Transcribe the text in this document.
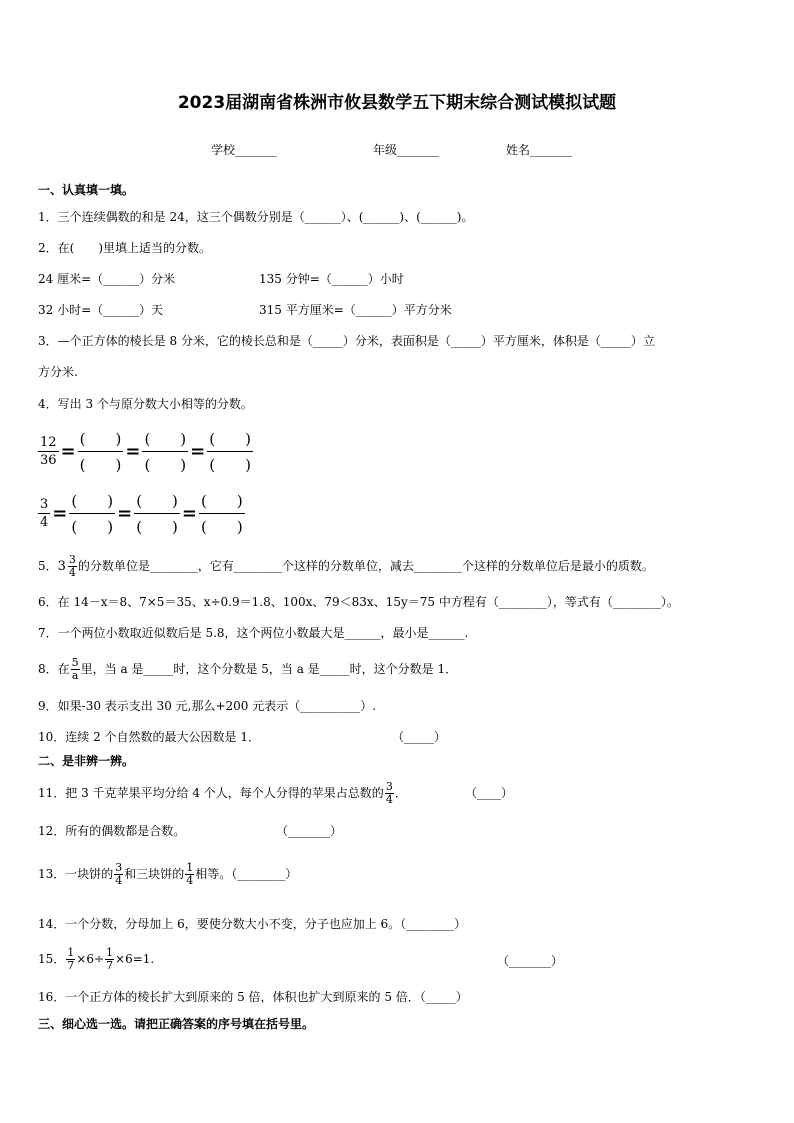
2023届湖南省株洲市攸县数学五下期末综合测试模拟试题
学校_______	年级_______	姓名_______
一、认真填一填。
1．三个连续偶数的和是 24，这三个偶数分别是（______）、(______)、(______)。
2．在(　　)里填上适当的分数。
24 厘米=（______）分米	135 分钟=（______）小时
32 小时=（______）天	315 平方厘米=（______）平方分米
3．—个正方体的棱长是 8 分米，它的棱长总和是（_____）分米，表面积是（_____）平方厘米，体积是（_____）立
方分米.
4．写出 3 个与原分数大小相等的分数。
$\frac{12}{36} = \frac{( )}{( )} = \frac{( )}{( )} = \frac{( )}{( )}$
$\frac{3}{4} = \frac{( )}{( )} = \frac{( )}{( )} = \frac{( )}{( )}$
5． $3 \frac{3}{4}$ 的分数单位是________，它有________个这样的分数单位，减去________个这样的分数单位后是最小的质数。
6．在 14－x＝8、7×5＝35、x÷0.9＝1.8、100x、79＜83x、15y＝75 中方程有（________），等式有（________）。
7．一个两位小数取近似数后是 5.8，这个两位小数最大是______，最小是______.
8．在 $\frac{5}{a}$ 里，当 a 是_____时，这个分数是 5，当 a 是_____时，这个分数是 1．
9．如果-30 表示支出 30 元,那么+200 元表示（__________）.
10．连续 2 个自然数的最大公因数是 1．	（_____）
二、是非辨一辨。
11．把 3 千克苹果平均分给 4 个人，每个人分得的苹果占总数的 $\frac{3}{4}$ ．	（____）
12．所有的偶数都是合数。	（_______）
13．一块饼的 $\frac{3}{4}$ 和三块饼的 $\frac{1}{4}$ 相等。（________）
14．一个分数，分母加上 6，要使分数大小不变，分子也应加上 6。（________）
15． $\frac{1}{7} \times 6\div \frac{1}{7} \times 6=1$.	（_______）
16．一个正方体的棱长扩大到原来的 5 倍，体积也扩大到原来的 5 倍．（_____）
三、细心选一选。请把正确答案的序号填在括号里。
